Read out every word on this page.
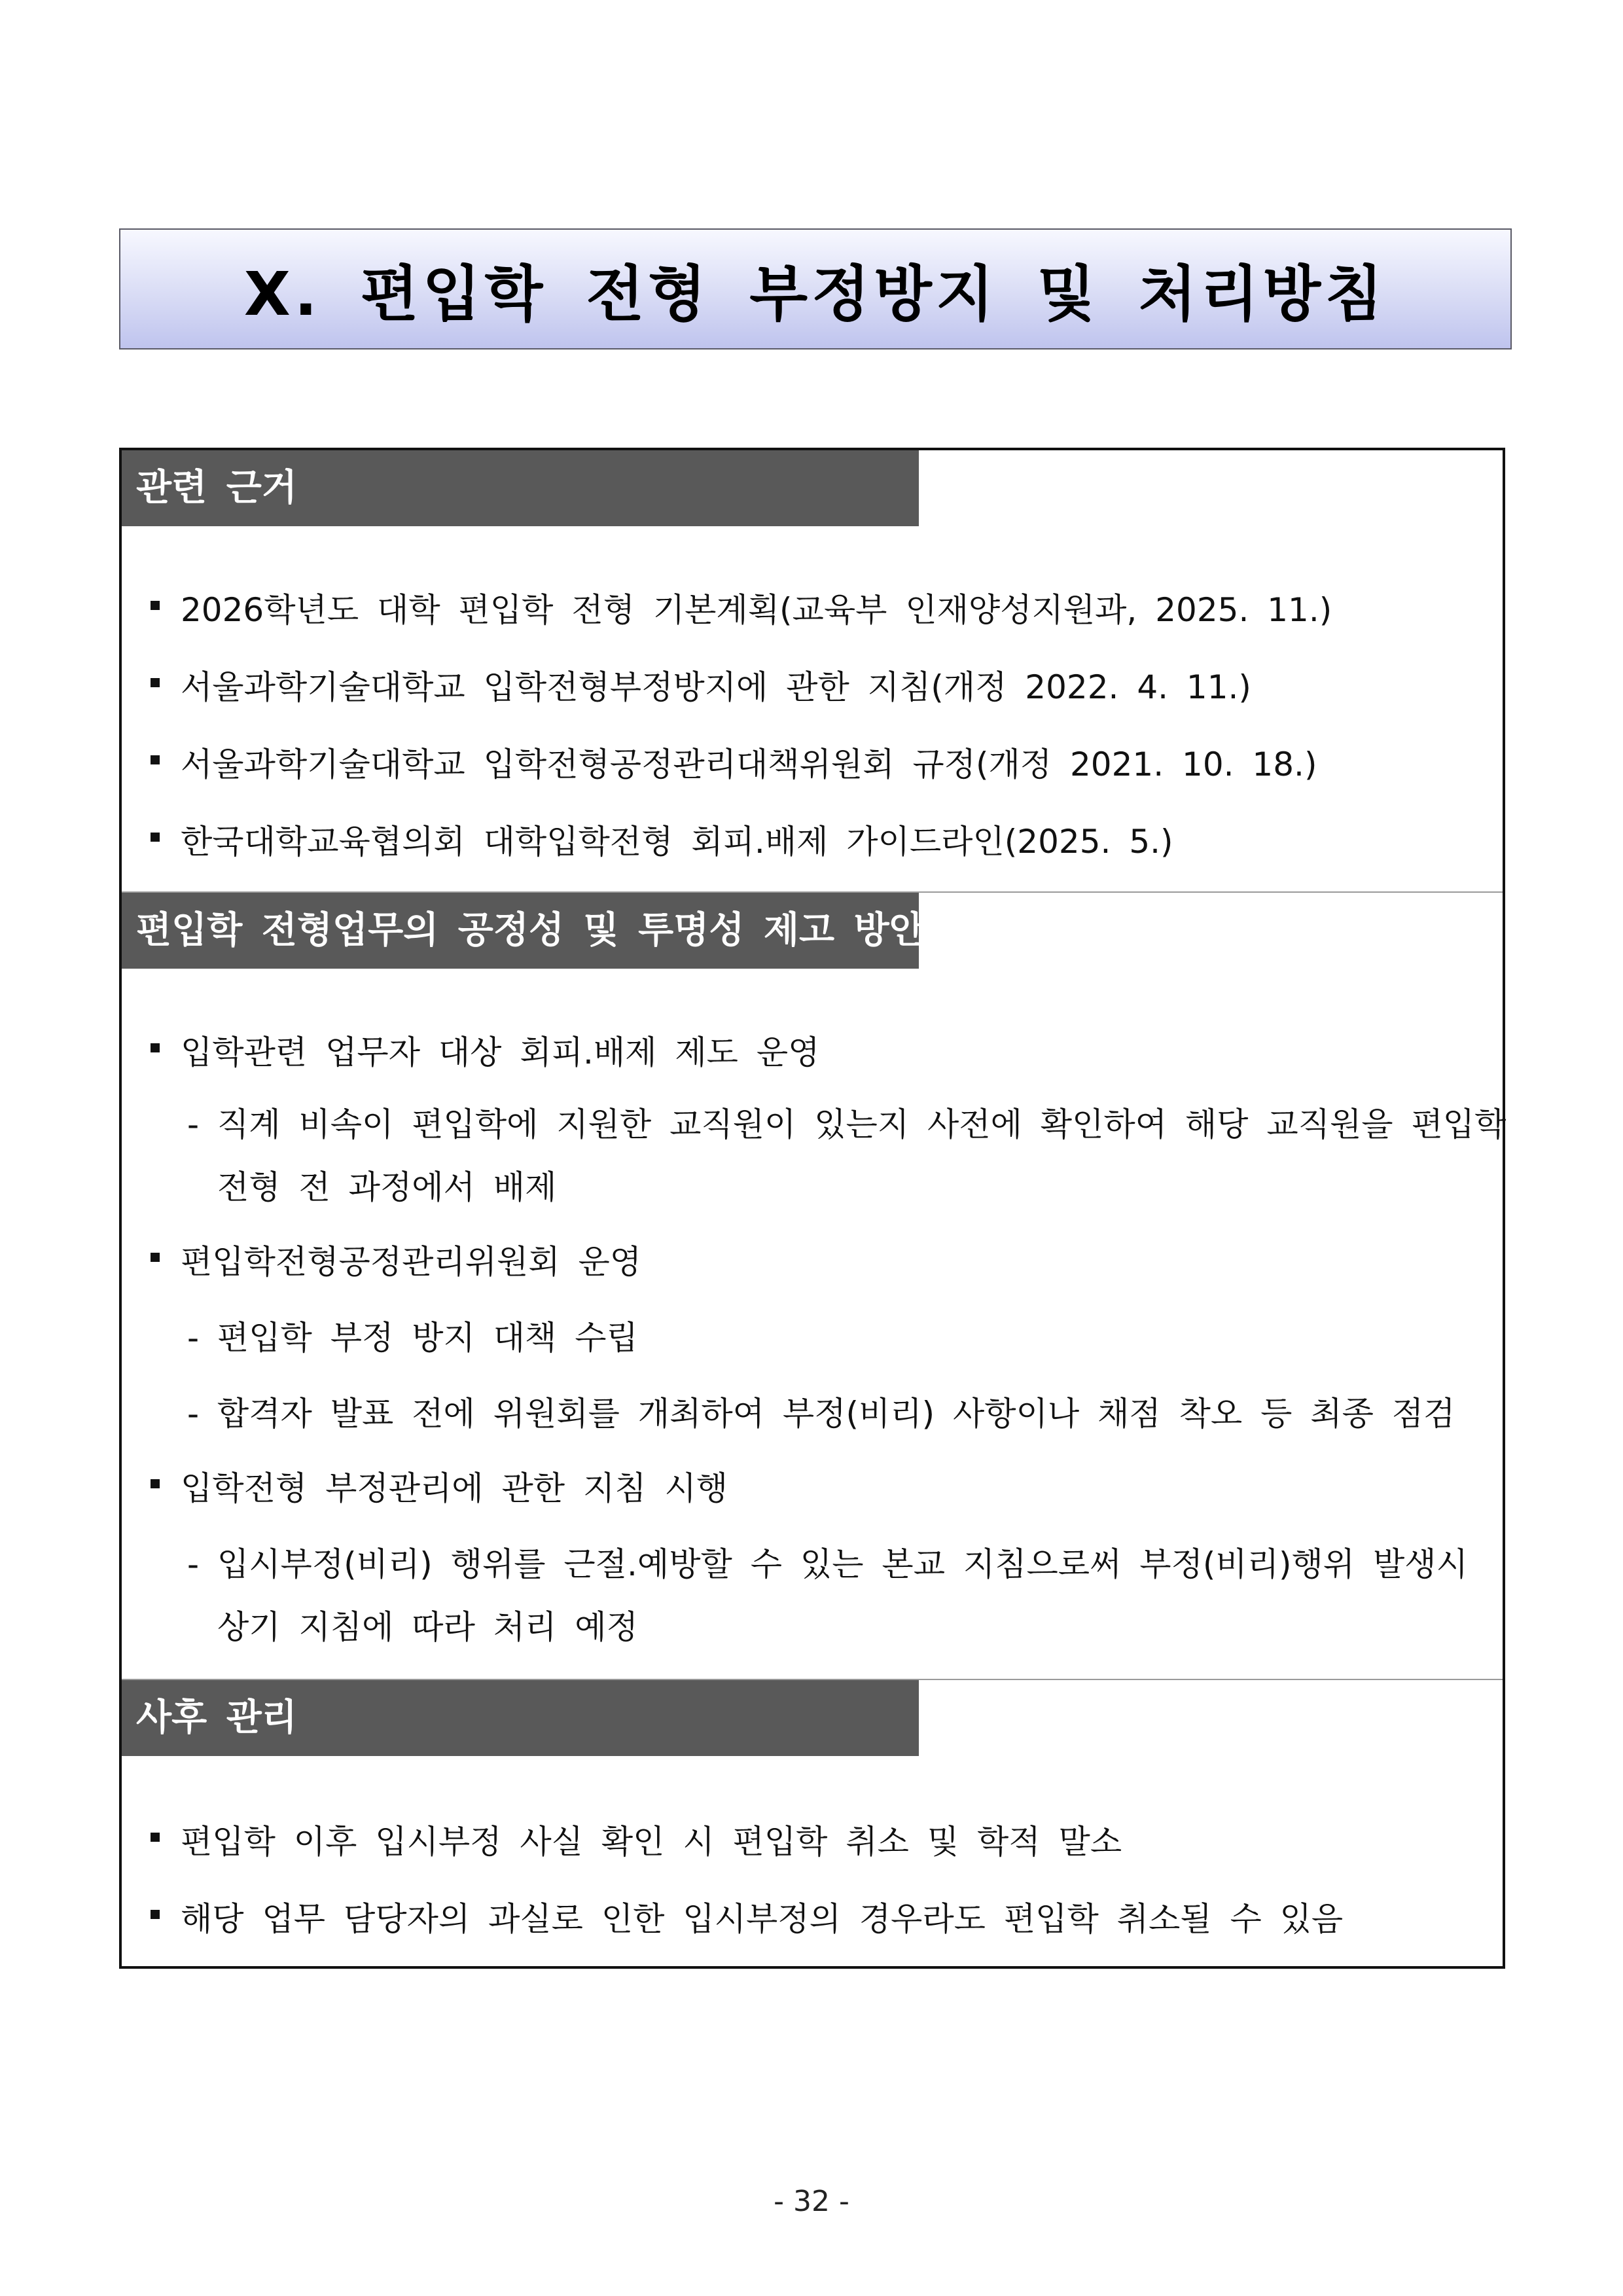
X. 편입학 전형 부정방지 및 처리방침
관련 근거
2026학년도 대학 편입학 전형 기본계획(교육부 인재양성지원과, 2025. 11.)
서울과학기술대학교 입학전형부정방지에 관한 지침(개정 2022. 4. 11.)
서울과학기술대학교 입학전형공정관리대책위원회 규정(개정 2021. 10. 18.)
한국대학교육협의회 대학입학전형 회피.배제 가이드라인(2025. 5.)
편입학 전형업무의 공정성 및 투명성 제고 방안
입학관련 업무자 대상 회피.배제 제도 운영
- 직계 비속이 편입학에 지원한 교직원이 있는지 사전에 확인하여 해당 교직원을 편입학
전형 전 과정에서 배제
편입학전형공정관리위원회 운영
- 편입학 부정 방지 대책 수립
- 합격자 발표 전에 위원회를 개최하여 부정(비리) 사항이나 채점 착오 등 최종 점검
입학전형 부정관리에 관한 지침 시행
- 입시부정(비리) 행위를 근절.예방할 수 있는 본교 지침으로써 부정(비리)행위 발생시
상기 지침에 따라 처리 예정
사후 관리
편입학 이후 입시부정 사실 확인 시 편입학 취소 및 학적 말소
해당 업무 담당자의 과실로 인한 입시부정의 경우라도 편입학 취소될 수 있음
- 32 -
